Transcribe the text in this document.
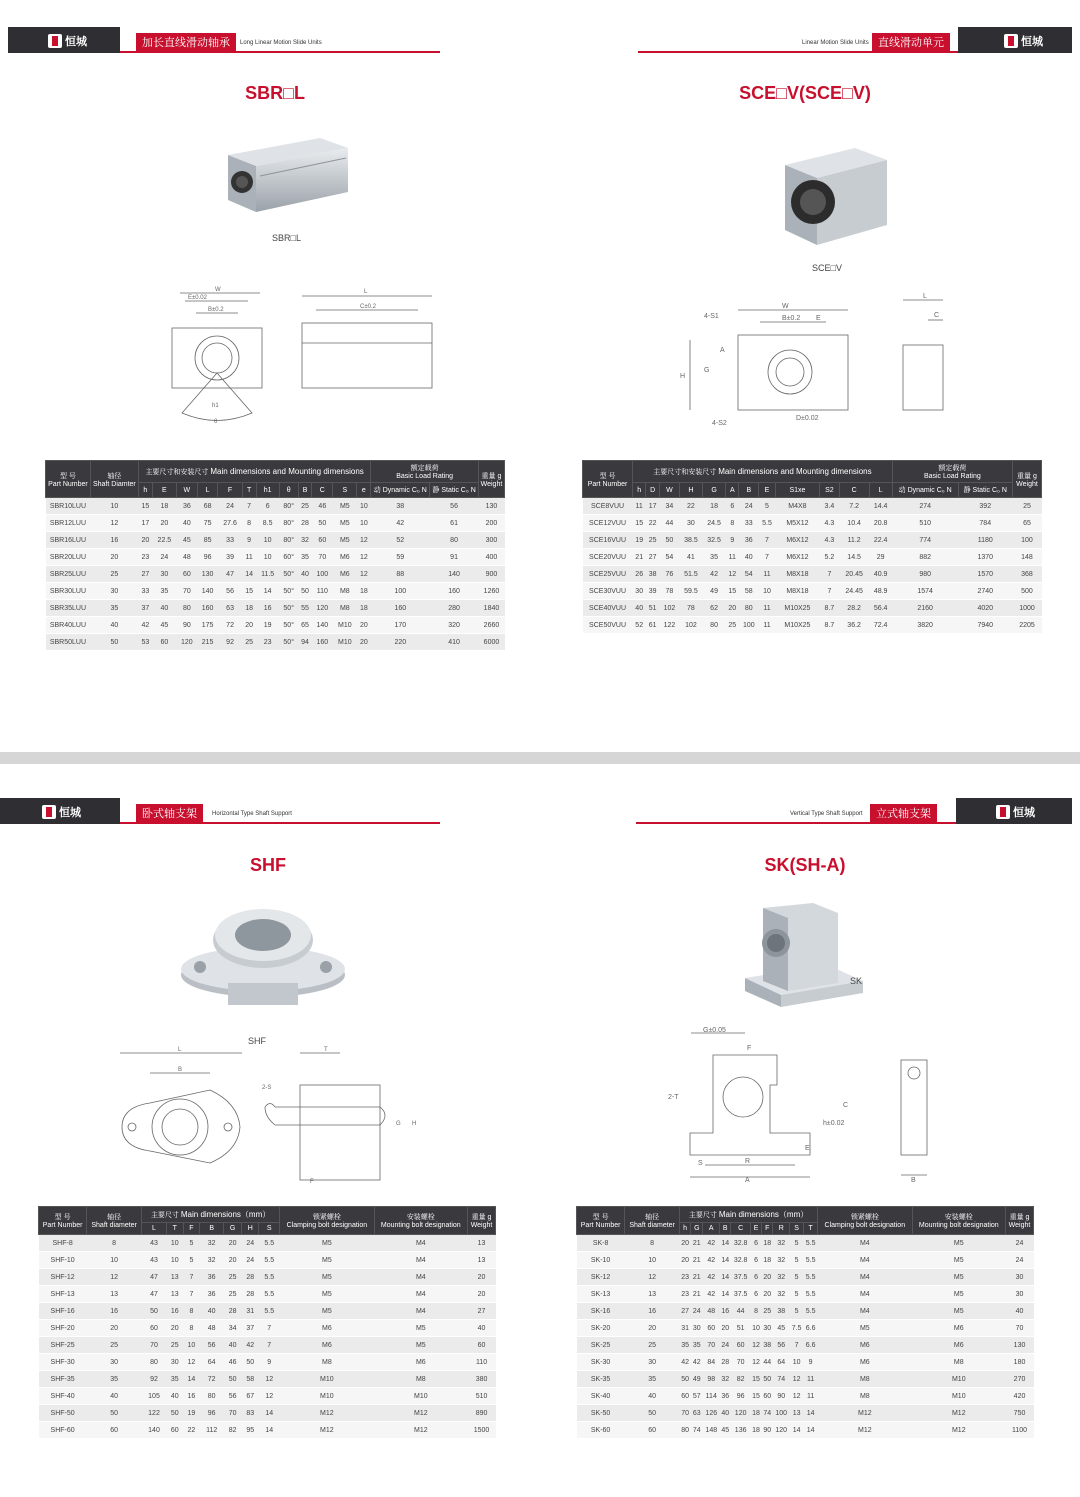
恒城	加长直线滑动轴承	Long Linear Motion Slide Units	Linear Motion Slide Units 直线滑动单元	恒城
SBR□L
SBR□L
W
E±0.02
B±0.2
h1
θ
L
C±0.2
SCE□V(SCE□V)
SCE□V
W
B±0.2 E
H
G
A
4-S1
4-S2
D±0.02
L
C
型 号
Part Number	轴径
Shaft Diamter	主要尺寸和安装尺寸 Main dimensions and Mounting dimensions												额定载荷
Basic Load Rating		重量 g
Weight
		h	E	W	L	F	T	h1	θ	B	C	S	e	动 Dynamic C₀ N	静 Static C₀ N	
SBR10LUU	10	15	18	36	68	24	7	6	80°	25	46	M5	10	38	56	130
SBR12LUU	12	17	20	40	75	27.6	8	8.5	80°	28	50	M5	10	42	61	200
SBR16LUU	16	20	22.5	45	85	33	9	10	80°	32	60	M5	12	52	80	300
SBR20LUU	20	23	24	48	96	39	11	10	60°	35	70	M6	12	59	91	400
SBR25LUU	25	27	30	60	130	47	14	11.5	50°	40	100	M6	12	88	140	900
SBR30LUU	30	33	35	70	140	56	15	14	50°	50	110	M8	18	100	160	1260
SBR35LUU	35	37	40	80	160	63	18	16	50°	55	120	M8	18	160	280	1840
SBR40LUU	40	42	45	90	175	72	20	19	50°	65	140	M10	20	170	320	2660
SBR50LUU	50	53	60	120	215	92	25	23	50°	94	160	M10	20	220	410	6000
型 号
Part Number	主要尺寸和安装尺寸 Main dimensions and Mounting dimensions												额定载荷
Basic Load Rating		重量 g
Weight
	h	D	W	H	G	A	B	E	S1xe	S2	C	L	动 Dynamic C₀ N	静 Static C₀ N	
SCE8VUU	11	17	34	22	18	6	24	5	M4X8	3.4	7.2	14.4	274	392	25
SCE12VUU	15	22	44	30	24.5	8	33	5.5	M5X12	4.3	10.4	20.8	510	784	65
SCE16VUU	19	25	50	38.5	32.5	9	36	7	M6X12	4.3	11.2	22.4	774	1180	100
SCE20VUU	21	27	54	41	35	11	40	7	M6X12	5.2	14.5	29	882	1370	148
SCE25VUU	26	38	76	51.5	42	12	54	11	M8X18	7	20.45	40.9	980	1570	368
SCE30VUU	30	39	78	59.5	49	15	58	10	M8X18	7	24.45	48.9	1574	2740	500
SCE40VUU	40	51	102	78	62	20	80	11	M10X25	8.7	28.2	56.4	2160	4020	1000
SCE50VUU	52	61	122	102	80	25	100	11	M10X25	8.7	36.2	72.4	3820	7940	2205
恒城	卧式轴支架	Horizontal Type Shaft Support	Vertical Type Shaft Support	立式轴支架	恒城
SHF
SHF
L
B
2-S
T
G H
F
SK(SH-A)
SK
G±0.05
F
2-T
A
R
S
E
h±0.02
C
B
型 号
Part Number	轴径
Shaft diameter	主要尺寸 Main dimensions（mm）							锁紧螺栓
Clamping bolt designation	安装螺栓
Mounting bolt designation	重量 g
Weight
		L	T	F	B	G	H	S			
SHF-8	8	43	10	5	32	20	24	5.5	M5	M4	13
SHF-10	10	43	10	5	32	20	24	5.5	M5	M4	13
SHF-12	12	47	13	7	36	25	28	5.5	M5	M4	20
SHF-13	13	47	13	7	36	25	28	5.5	M5	M4	20
SHF-16	16	50	16	8	40	28	31	5.5	M5	M4	27
SHF-20	20	60	20	8	48	34	37	7	M6	M5	40
SHF-25	25	70	25	10	56	40	42	7	M6	M5	60
SHF-30	30	80	30	12	64	46	50	9	M8	M6	110
SHF-35	35	92	35	14	72	50	58	12	M10	M8	380
SHF-40	40	105	40	16	80	56	67	12	M10	M10	510
SHF-50	50	122	50	19	96	70	83	14	M12	M12	890
SHF-60	60	140	60	22	112	82	95	14	M12	M12	1500
型 号
Part Number	轴径
Shaft diameter	主要尺寸 Main dimensions（mm）										锁紧螺栓
Clamping bolt designation	安装螺栓
Mounting bolt designation	重量 g
Weight
		h	G	A	B	C	E	F	R	S	T			
SK-8	8	20	21	42	14	32.8	6	18	32	5	5.5	M4	M5	24
SK-10	10	20	21	42	14	32.8	6	18	32	5	5.5	M4	M5	24
SK-12	12	23	21	42	14	37.5	6	20	32	5	5.5	M4	M5	30
SK-13	13	23	21	42	14	37.5	6	20	32	5	5.5	M4	M5	30
SK-16	16	27	24	48	16	44	8	25	38	5	5.5	M4	M5	40
SK-20	20	31	30	60	20	51	10	30	45	7.5	6.6	M5	M6	70
SK-25	25	35	35	70	24	60	12	38	56	7	6.6	M6	M6	130
SK-30	30	42	42	84	28	70	12	44	64	10	9	M6	M8	180
SK-35	35	50	49	98	32	82	15	50	74	12	11	M8	M10	270
SK-40	40	60	57	114	36	96	15	60	90	12	11	M8	M10	420
SK-50	50	70	63	126	40	120	18	74	100	13	14	M12	M12	750
SK-60	60	80	74	148	45	136	18	90	120	14	14	M12	M12	1100
